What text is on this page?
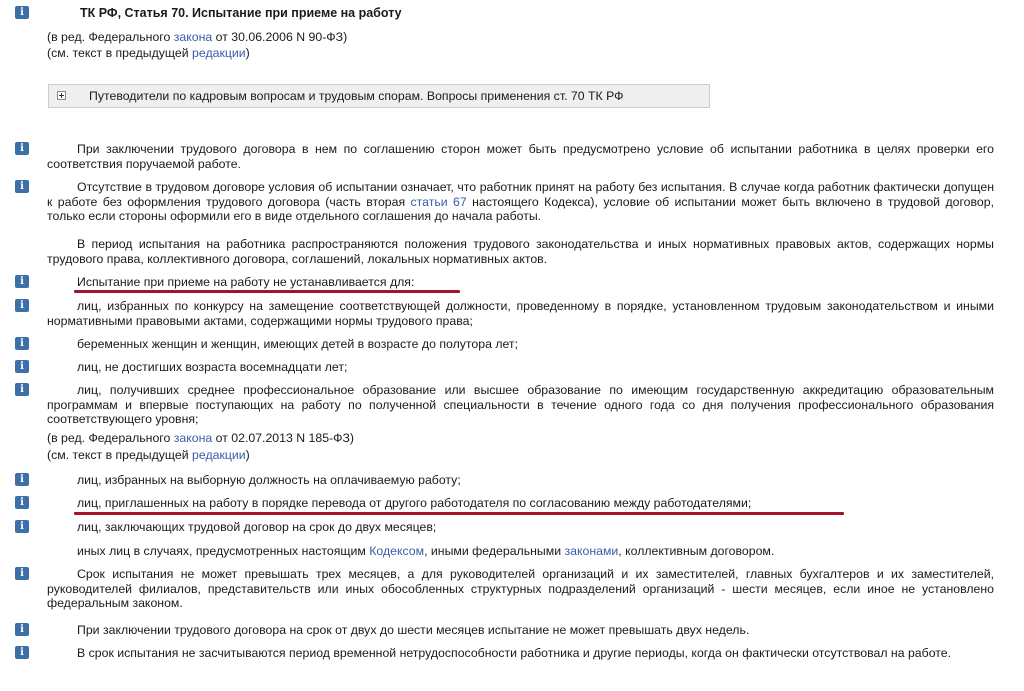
i	ТК РФ, Статья 70. Испытание при приеме на работу
(в ред. Федерального закона от 30.06.2006 N 90-ФЗ)
(см. текст в предыдущей редакции)
Путеводители по кадровым вопросам и трудовым спорам. Вопросы применения ст. 70 ТК РФ
i	При заключении трудового договора в нем по соглашению сторон может быть предусмотрено условие об испытании работника в целях проверки его соответствия поручаемой работе.
i	Отсутствие в трудовом договоре условия об испытании означает, что работник принят на работу без испытания. В случае когда работник фактически допущен к работе без оформления трудового договора (часть вторая статьи 67 настоящего Кодекса), условие об испытании может быть включено в трудовой договор, только если стороны оформили его в виде отдельного соглашения до начала работы.
В период испытания на работника распространяются положения трудового законодательства и иных нормативных правовых актов, содержащих нормы трудового права, коллективного договора, соглашений, локальных нормативных актов.
i	Испытание при приеме на работу не устанавливается для:
i	лиц, избранных по конкурсу на замещение соответствующей должности, проведенному в порядке, установленном трудовым законодательством и иными нормативными правовыми актами, содержащими нормы трудового права;
i	беременных женщин и женщин, имеющих детей в возрасте до полутора лет;
i	лиц, не достигших возраста восемнадцати лет;
i	лиц, получивших среднее профессиональное образование или высшее образование по имеющим государственную аккредитацию образовательным программам и впервые поступающих на работу по полученной специальности в течение одного года со дня получения профессионального образования соответствующего уровня;
(в ред. Федерального закона от 02.07.2013 N 185-ФЗ)
(см. текст в предыдущей редакции)
i	лиц, избранных на выборную должность на оплачиваемую работу;
i	лиц, приглашенных на работу в порядке перевода от другого работодателя по согласованию между работодателями;
i	лиц, заключающих трудовой договор на срок до двух месяцев;
иных лиц в случаях, предусмотренных настоящим Кодексом, иными федеральными законами, коллективным договором.
i	Срок испытания не может превышать трех месяцев, а для руководителей организаций и их заместителей, главных бухгалтеров и их заместителей, руководителей филиалов, представительств или иных обособленных структурных подразделений организаций - шести месяцев, если иное не установлено федеральным законом.
i	При заключении трудового договора на срок от двух до шести месяцев испытание не может превышать двух недель.
i	В срок испытания не засчитываются период временной нетрудоспособности работника и другие периоды, когда он фактически отсутствовал на работе.
